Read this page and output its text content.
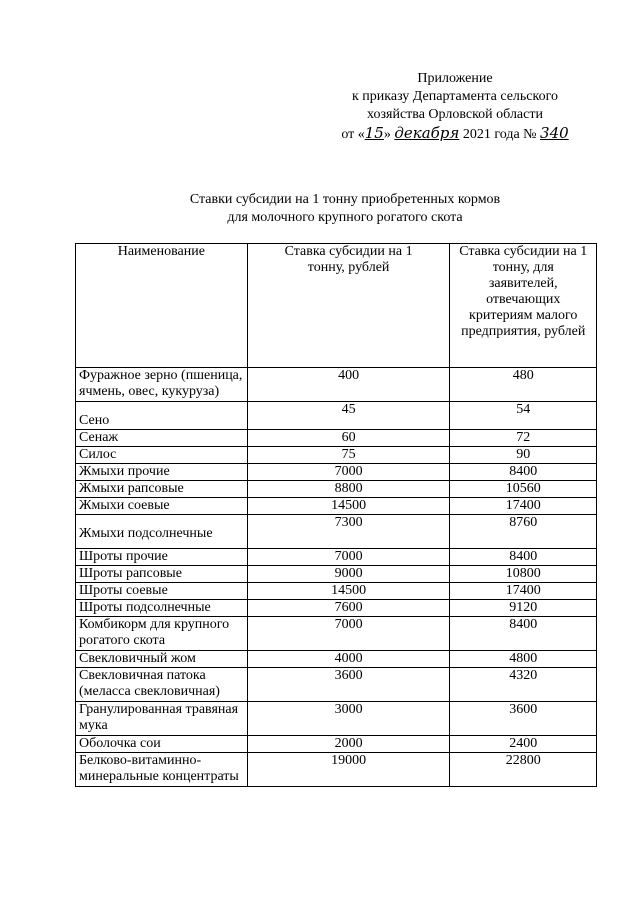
Приложение
к приказу Департамента сельского
хозяйства Орловской области
от «15» декабря 2021 года № 340
Ставки субсидии на 1 тонну приобретенных кормов
для молочного крупного рогатого скота
Наименование	Ставка субсидии на 1 тонну, рублей	Ставка субсидии на 1 тонну, для заявителей, отвечающих критериям малого предприятия, рублей

Фуражное зерно (пшеница, ячмень, овес, кукуруза)	400	480
Сено	45	54
Сенаж	60	72
Силос	75	90
Жмыхи прочие	7000	8400
Жмыхи рапсовые	8800	10560
Жмыхи соевые	14500	17400
Жмыхи подсолнечные	7300	8760
Шроты прочие	7000	8400
Шроты рапсовые	9000	10800
Шроты соевые	14500	17400
Шроты подсолнечные	7600	9120
Комбикорм для крупного рогатого скота	7000	8400
Свекловичный жом	4000	4800
Свекловичная патока (меласса свекловичная)	3600	4320
Гранулированная травяная мука	3000	3600
Оболочка сои	2000	2400
Белково-витаминно-минеральные концентраты	19000	22800
